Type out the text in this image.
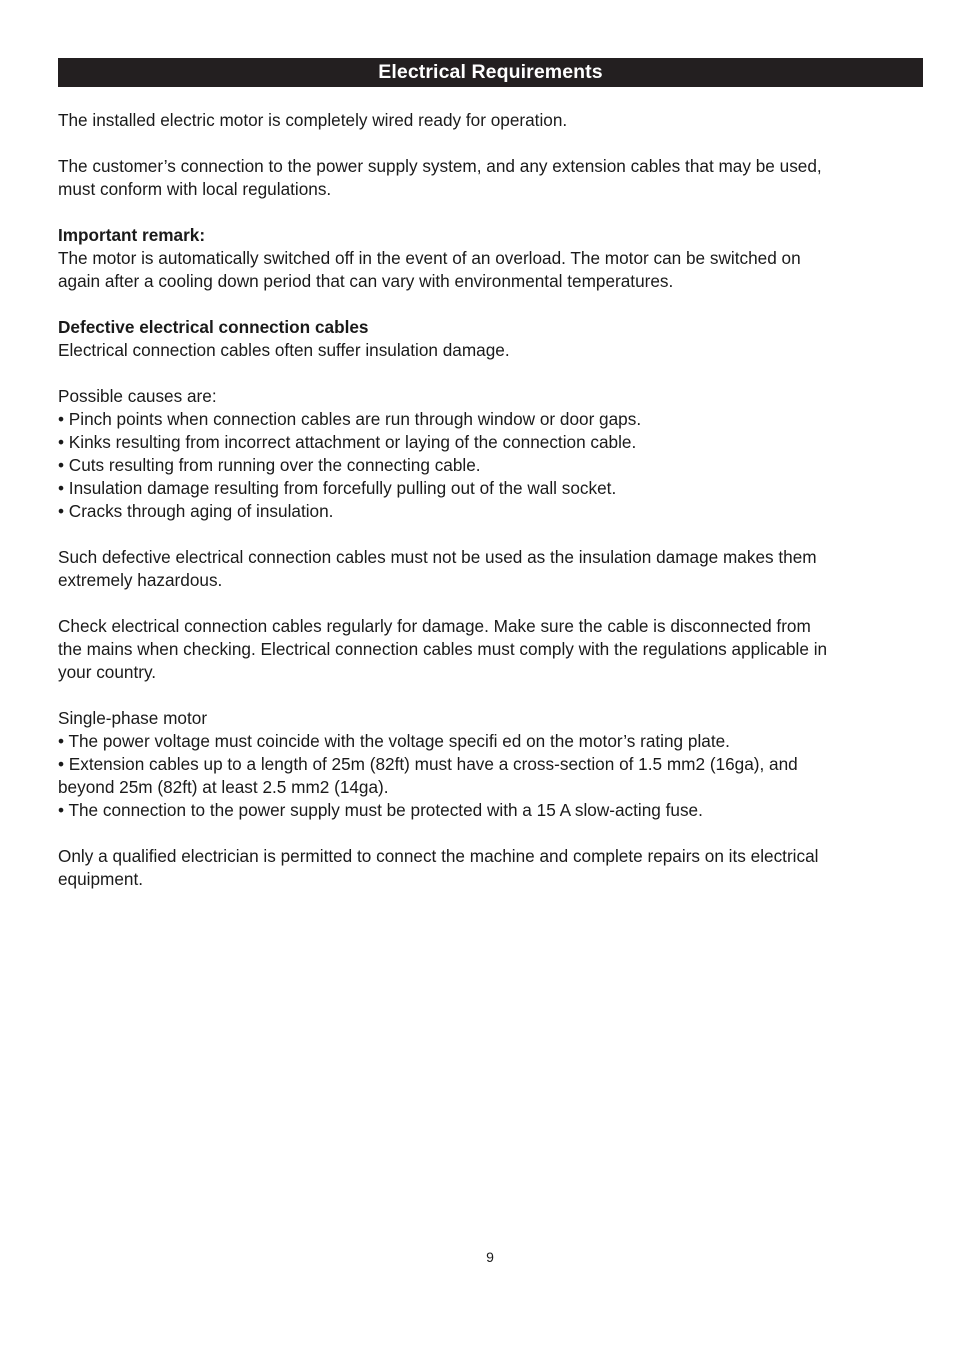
Electrical Requirements
The installed electric motor is completely wired ready for operation.
The customer’s connection to the power supply system, and any extension cables that may be used,
must conform with local regulations.
Important remark:
The motor is automatically switched off in the event of an overload. The motor can be switched on
again after a cooling down period that can vary with environmental temperatures.
Defective electrical connection cables
Electrical connection cables often suffer insulation damage.
Possible causes are:
• Pinch points when connection cables are run through window or door gaps.
• Kinks resulting from incorrect attachment or laying of the connection cable.
• Cuts resulting from running over the connecting cable.
• Insulation damage resulting from forcefully pulling out of the wall socket.
• Cracks through aging of insulation.
Such defective electrical connection cables must not be used as the insulation damage makes them
extremely hazardous.
Check electrical connection cables regularly for damage. Make sure the cable is disconnected from
the mains when checking. Electrical connection cables must comply with the regulations applicable in
your country.
Single-phase motor
• The power voltage must coincide with the voltage specifi ed on the motor’s rating plate.
• Extension cables up to a length of 25m (82ft) must have a cross-section of 1.5 mm2 (16ga), and
beyond 25m (82ft) at least 2.5 mm2 (14ga).
• The connection to the power supply must be protected with a 15 A slow-acting fuse.
Only a qualified electrician is permitted to connect the machine and complete repairs on its electrical
equipment.
9
